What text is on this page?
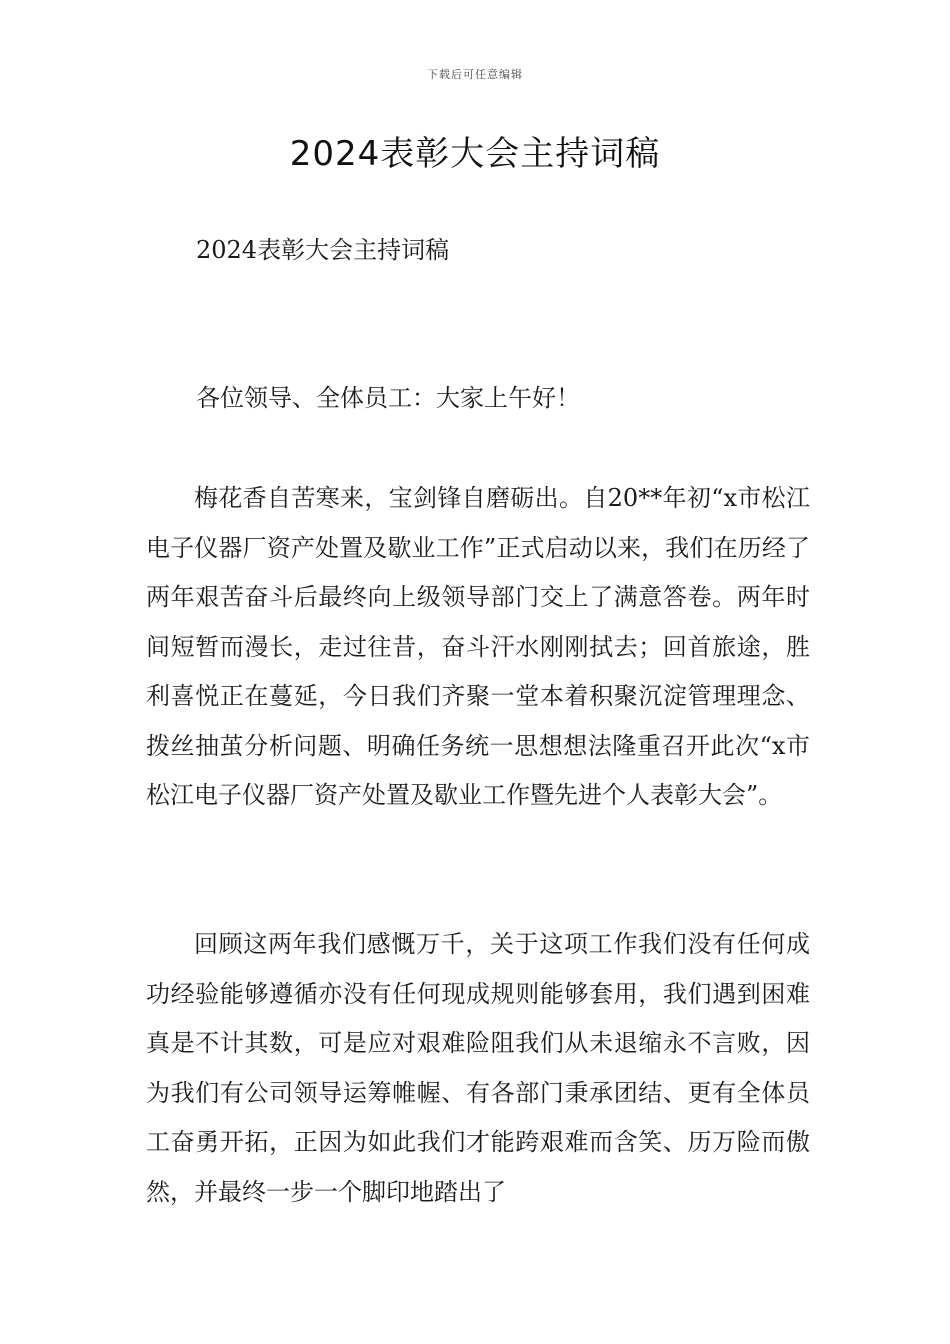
下载后可任意编辑
2024表彰大会主持词稿

2024表彰大会主持词稿

各位领导、全体员工：大家上午好！

梅花香自苦寒来，宝剑锋自磨砺出。自20**年初“x市松江电子仪器厂资产处置及歇业工作”正式启动以来，我们在历经了两年艰苦奋斗后最终向上级领导部门交上了满意答卷。两年时间短暂而漫长，走过往昔，奋斗汗水刚刚拭去；回首旅途，胜利喜悦正在蔓延，今日我们齐聚一堂本着积聚沉淀管理理念、拨丝抽茧分析问题、明确任务统一思想想法隆重召开此次“x市松江电子仪器厂资产处置及歇业工作暨先进个人表彰大会”。

回顾这两年我们感慨万千，关于这项工作我们没有任何成功经验能够遵循亦没有任何现成规则能够套用，我们遇到困难真是不计其数，可是应对艰难险阻我们从未退缩永不言败，因为我们有公司领导运筹帷幄、有各部门秉承团结、更有全体员工奋勇开拓，正因为如此我们才能跨艰难而含笑、历万险而傲然，并最终一步一个脚印地踏出了
